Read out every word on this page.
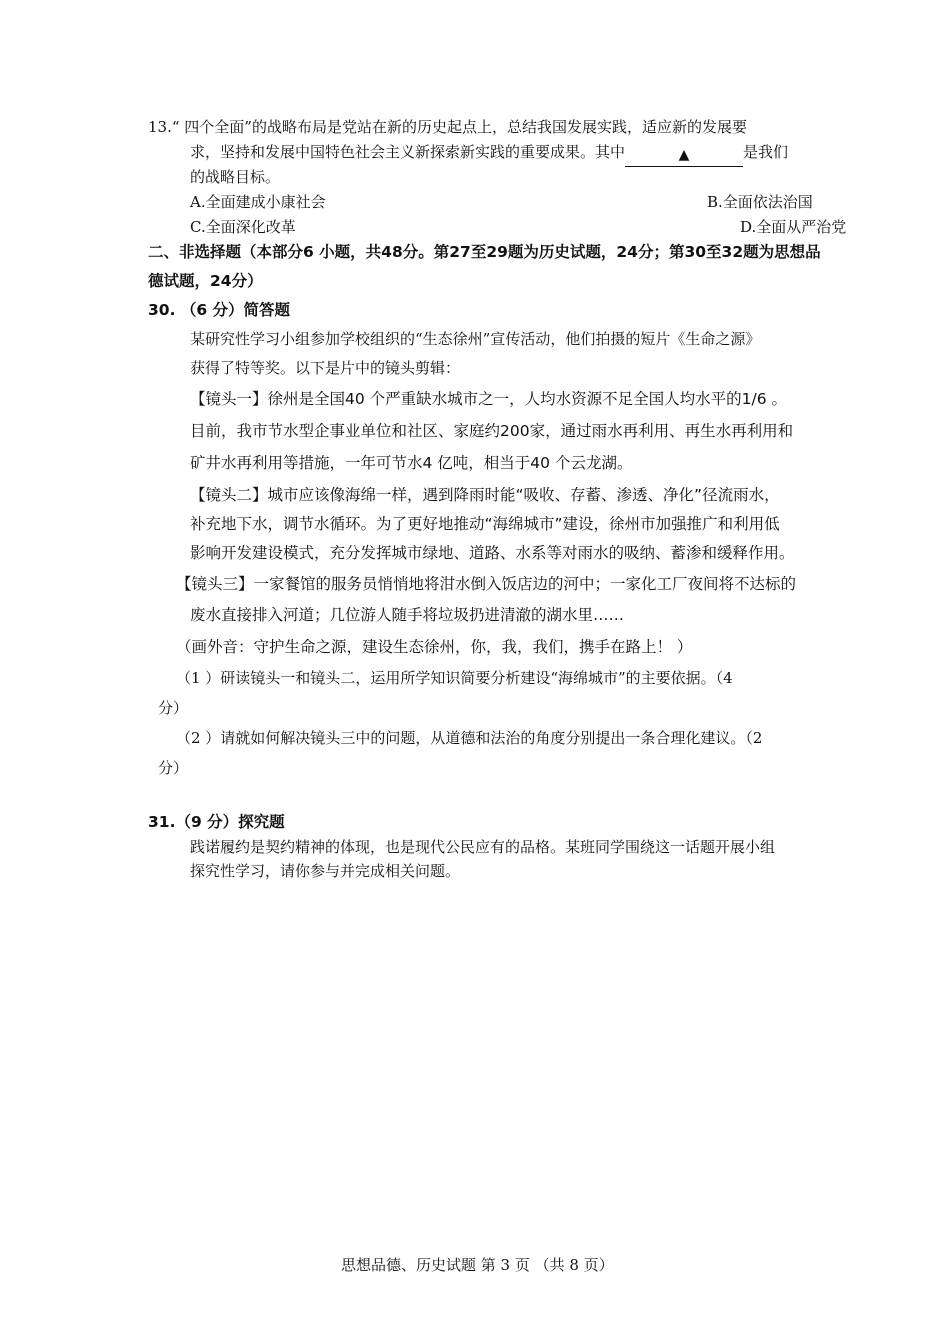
13.“ 四个全面”的战略布局是党站在新的历史起点上，总结我国发展实践，适应新的发展要
求，坚持和发展中国特色社会主义新探索新实践的重要成果。其中	▲	是我们
的战略目标。
A.全面建成小康社会	B.全面依法治国
C.全面深化改革	D.全面从严治党
二、非选择题（本部分6 小题，共48分。第27至29题为历史试题，24分；第30至32题为思想品
德试题，24分）
30. （6 分）简答题
某研究性学习小组参加学校组织的“生态徐州”宣传活动，他们拍摄的短片《生命之源》
获得了特等奖。以下是片中的镜头剪辑：
【镜头一】徐州是全国40 个严重缺水城市之一，人均水资源不足全国人均水平的1/6 。
目前，我市节水型企事业单位和社区、家庭约200家，通过雨水再利用、再生水再利用和
矿井水再利用等措施，一年可节水4 亿吨，相当于40 个云龙湖。
【镜头二】城市应该像海绵一样，遇到降雨时能“吸收、存蓄、渗透、净化”径流雨水，
补充地下水，调节水循环。为了更好地推动“海绵城市”建设，徐州市加强推广和利用低
影响开发建设模式，充分发挥城市绿地、道路、水系等对雨水的吸纳、蓄渗和缓释作用。
【镜头三】一家餐馆的服务员悄悄地将泔水倒入饭店边的河中；一家化工厂夜间将不达标的
废水直接排入河道；几位游人随手将垃圾扔进清澈的湖水里……
（画外音：守护生命之源，建设生态徐州，你，我，我们，携手在路上！ ）
（1 ）研读镜头一和镜头二，运用所学知识简要分析建设“海绵城市”的主要依据。（4
分）
（2 ）请就如何解决镜头三中的问题，从道德和法治的角度分别提出一条合理化建议。（2
分）
31.（9 分）探究题
践诺履约是契约精神的体现，也是现代公民应有的品格。某班同学围绕这一话题开展小组
探究性学习，请你参与并完成相关问题。
思想品德、历史试题 第 3 页 （共 8 页）
